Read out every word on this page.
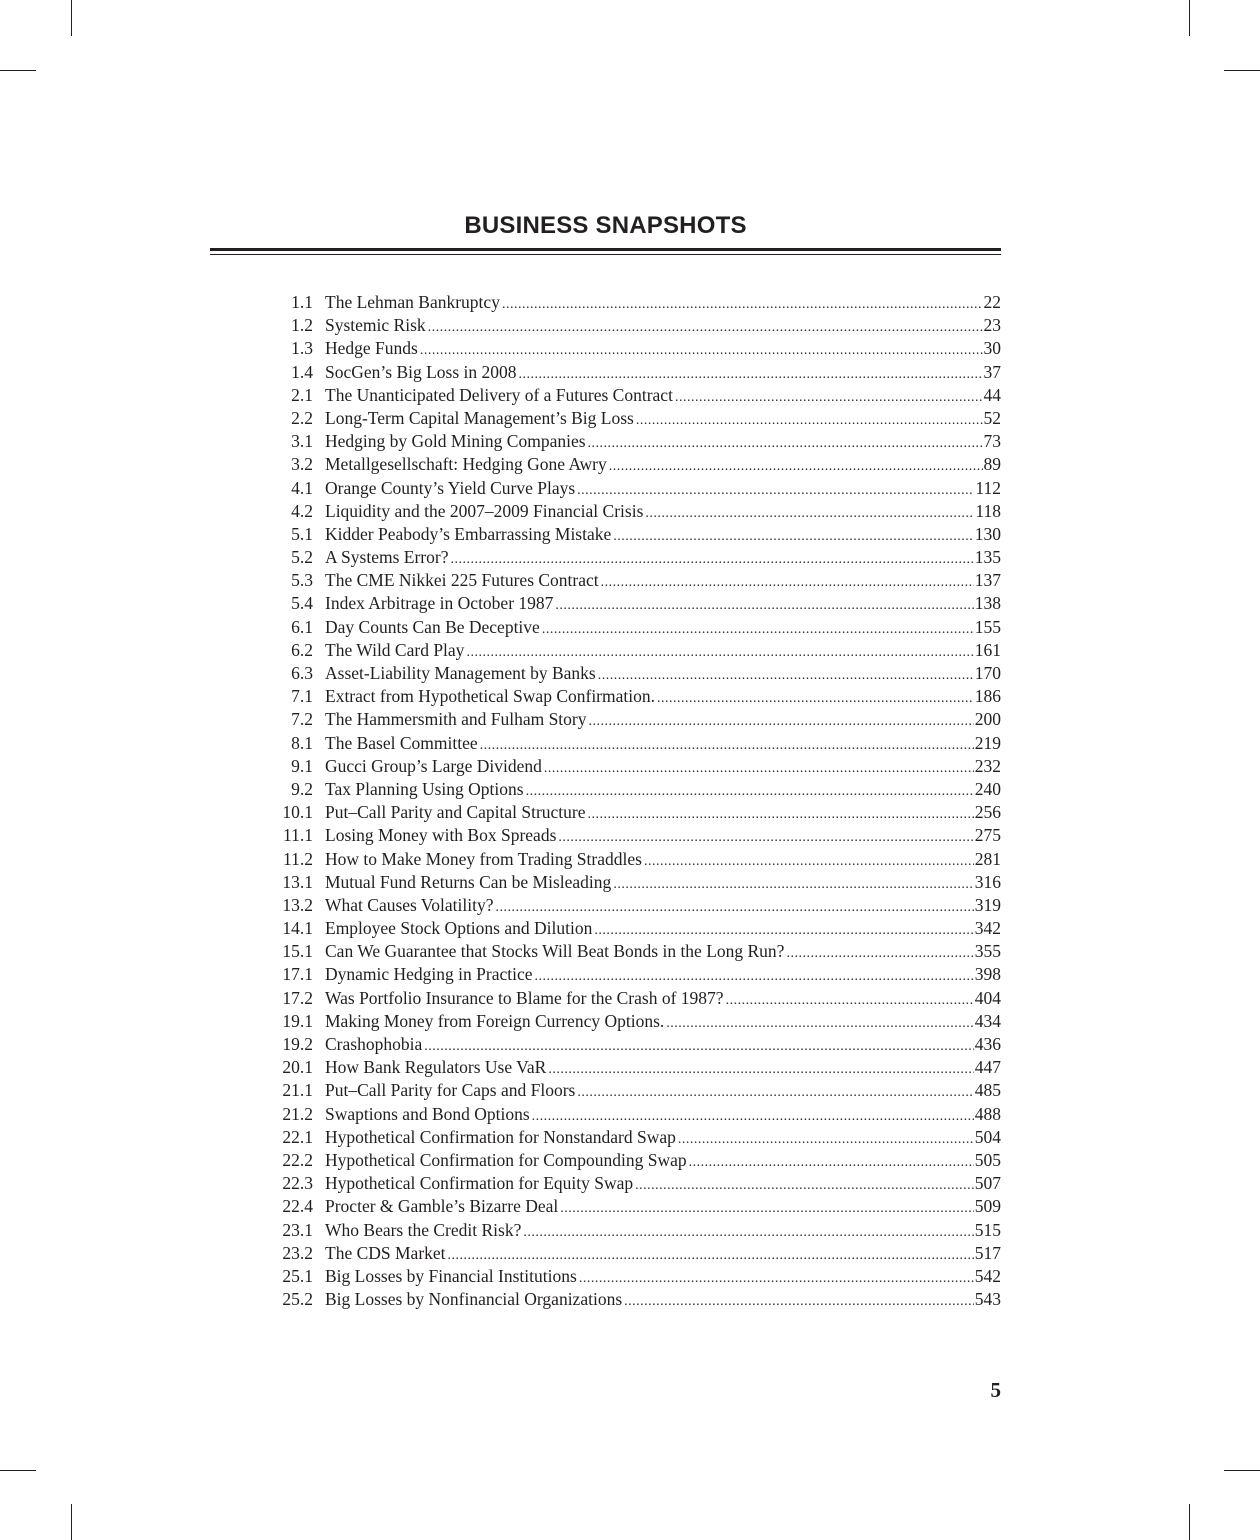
BUSINESS SNAPSHOTS
1.1 The Lehman Bankruptcy .....	22
1.2 Systemic Risk .....	23
1.3 Hedge Funds .....	30
1.4 SocGen’s Big Loss in 2008 .....	37
2.1 The Unanticipated Delivery of a Futures Contract .....	44
2.2 Long-Term Capital Management’s Big Loss .....	52
3.1 Hedging by Gold Mining Companies .....	73
3.2 Metallgesellschaft: Hedging Gone Awry .....	89
4.1 Orange County’s Yield Curve Plays .....	112
4.2 Liquidity and the 2007–2009 Financial Crisis .....	118
5.1 Kidder Peabody’s Embarrassing Mistake .....	130
5.2 A Systems Error? .....	135
5.3 The CME Nikkei 225 Futures Contract .....	137
5.4 Index Arbitrage in October 1987 .....	138
6.1 Day Counts Can Be Deceptive .....	155
6.2 The Wild Card Play .....	161
6.3 Asset-Liability Management by Banks .....	170
7.1 Extract from Hypothetical Swap Confirmation. .....	186
7.2 The Hammersmith and Fulham Story .....	200
8.1 The Basel Committee .....	219
9.1 Gucci Group’s Large Dividend .....	232
9.2 Tax Planning Using Options .....	240
10.1 Put–Call Parity and Capital Structure .....	256
11.1 Losing Money with Box Spreads .....	275
11.2 How to Make Money from Trading Straddles .....	281
13.1 Mutual Fund Returns Can be Misleading .....	316
13.2 What Causes Volatility? .....	319
14.1 Employee Stock Options and Dilution .....	342
15.1 Can We Guarantee that Stocks Will Beat Bonds in the Long Run? .....	355
17.1 Dynamic Hedging in Practice .....	398
17.2 Was Portfolio Insurance to Blame for the Crash of 1987? .....	404
19.1 Making Money from Foreign Currency Options. .....	434
19.2 Crashophobia .....	436
20.1 How Bank Regulators Use VaR .....	447
21.1 Put–Call Parity for Caps and Floors .....	485
21.2 Swaptions and Bond Options .....	488
22.1 Hypothetical Confirmation for Nonstandard Swap .....	504
22.2 Hypothetical Confirmation for Compounding Swap .....	505
22.3 Hypothetical Confirmation for Equity Swap .....	507
22.4 Procter & Gamble’s Bizarre Deal .....	509
23.1 Who Bears the Credit Risk? .....	515
23.2 The CDS Market .....	517
25.1 Big Losses by Financial Institutions .....	542
25.2 Big Losses by Nonfinancial Organizations .....	543

5
